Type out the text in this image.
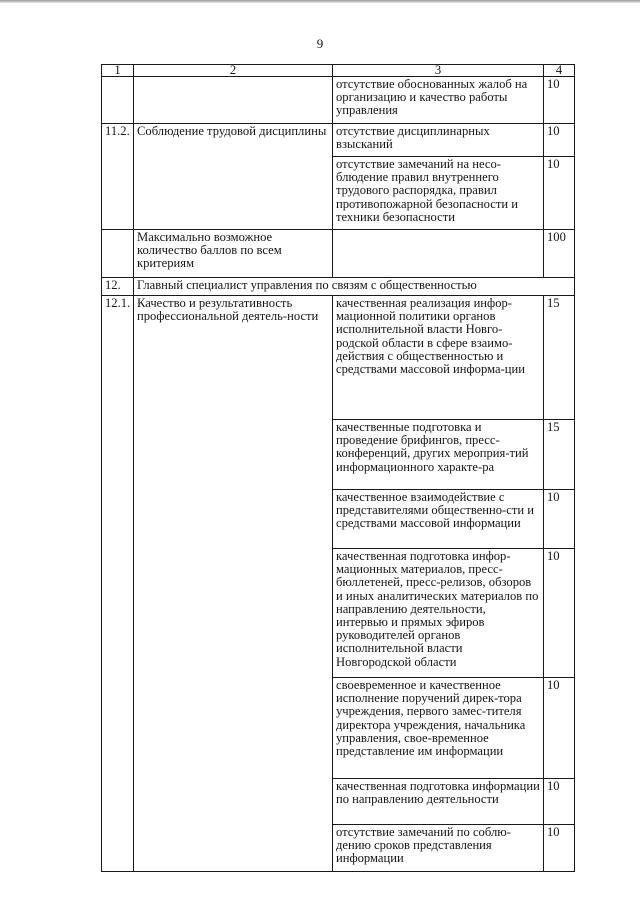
9
1	2	3	4
		отсутствие обоснованных жалоб на организацию и качество работы управления	10
11.2.	Соблюдение трудовой дисциплины	отсутствие дисциплинарных взысканий	10
		отсутствие замечаний на несо-блюдение правил внутреннего трудового распорядка, правил противопожарной безопасности и техники безопасности	10
	Максимально возможное количество баллов по всем критериям		100
12.	Главный специалист управления по связям с общественностью		
12.1.	Качество и результативность профессиональной деятель-ности	качественная реализация инфор-мационной политики органов исполнительной власти Новго-родской области в сфере взаимо-действия с общественностью и средствами массовой информа-ции	15
		качественные подготовка и проведение брифингов, пресс-конференций, других мероприя-тий информационного характе-ра	15
		качественное взаимодействие с представителями общественно-сти и средствами массовой информации	10
		качественная подготовка инфор-мационных материалов, пресс-бюллетеней, пресс-релизов, обзоров и иных аналитических материалов по направлению деятельности, интервью и прямых эфиров руководителей органов исполнительной власти Новгородской области	10
		своевременное и качественное исполнение поручений дирек-тора учреждения, первого замес-тителя директора учреждения, начальника управления, свое-временное представление им информации	10
		качественная подготовка информации по направлению деятельности	10
		отсутствие замечаний по соблю-дению сроков представления информации	10
